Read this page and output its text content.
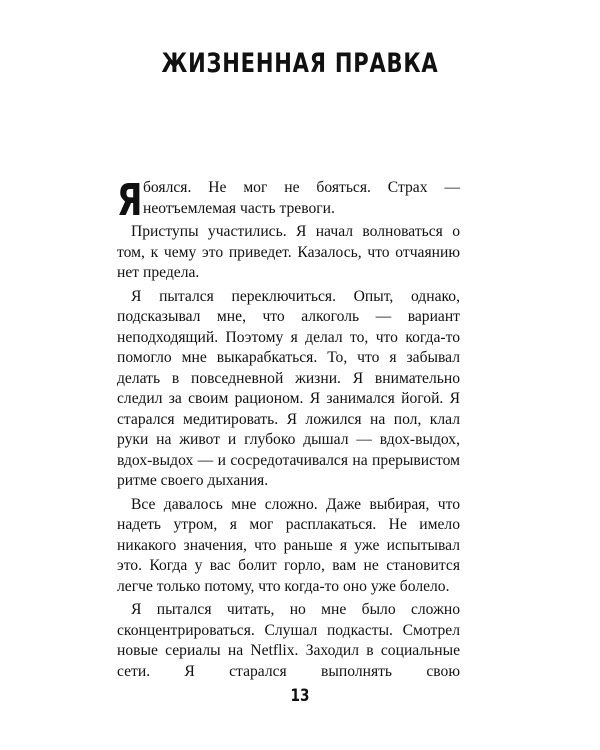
ЖИЗНЕННАЯ ПРАВКА

Я боялся. Не мог не бояться. Страх — неотъемлемая часть тревоги.

Приступы участились. Я начал волноваться о том, к чему это приведет. Казалось, что отчаянию нет предела.

Я пытался переключиться. Опыт, однако, подсказывал мне, что алкоголь — вариант неподходящий. Поэтому я делал то, что когда-то помогло мне выкарабкаться. То, что я забывал делать в повседневной жизни. Я внимательно следил за своим рационом. Я занимался йогой. Я старался медитировать. Я ложился на пол, клал руки на живот и глубоко дышал — вдох-выдох, вдох-выдох — и сосредотачивался на прерывистом ритме своего дыхания.

Все давалось мне сложно. Даже выбирая, что надеть утром, я мог расплакаться. Не имело никакого значения, что раньше я уже испытывал это. Когда у вас болит горло, вам не становится легче только потому, что когда-то оно уже болело.

Я пытался читать, но мне было сложно сконцентрироваться. Слушал подкасты. Смотрел новые сериалы на Netflix. Заходил в социальные сети. Я старался выполнять свою

13
